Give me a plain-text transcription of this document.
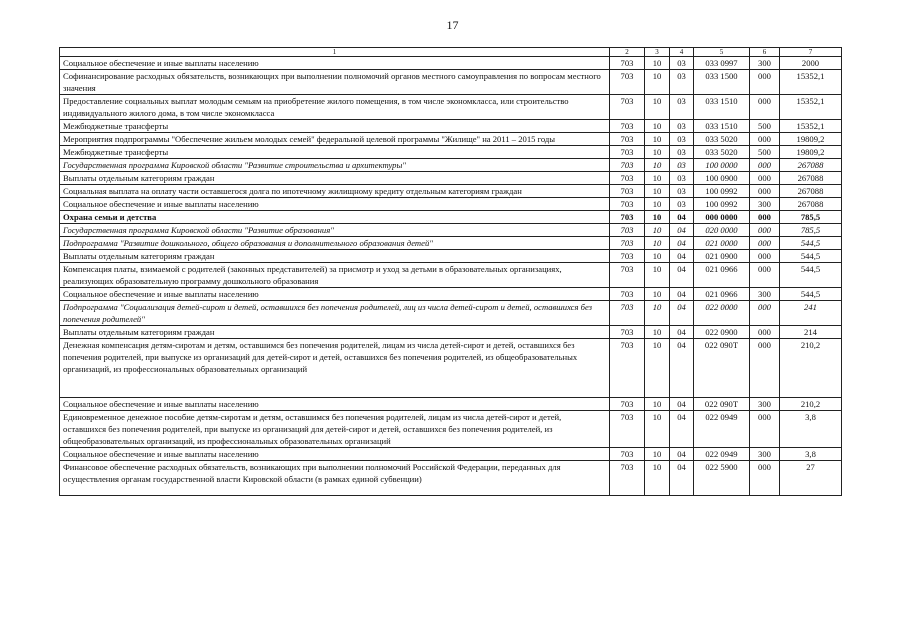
17
1	2	3	4	5	6	7
Социальное обеспечение и иные выплаты населению	703	10	03	033 0997	300	2000
Софинансирование расходных обязательств, возникающих при выполнении полномочий органов местного самоуправления по вопросам местного значения	703	10	03	033 1500	000	15352,1
Предоставление социальных выплат молодым семьям на приобретение жилого помещения, в том числе экономкласса, или строительство индивидуального жилого дома, в том числе экономкласса	703	10	03	033 1510	000	15352,1
Межбюджетные трансферты	703	10	03	033 1510	500	15352,1
Мероприятия подпрограммы "Обеспечение жильем молодых семей" федеральной целевой программы "Жилище" на 2011 – 2015 годы	703	10	03	033 5020	000	19809,2
Межбюджетные трансферты	703	10	03	033 5020	500	19809,2
Государственная программа Кировской области "Развитие строительства и архитектуры"	703	10	03	100 0000	000	267088
Выплаты отдельным категориям граждан	703	10	03	100 0900	000	267088
Социальная выплата на оплату части оставшегося долга по ипотечному жилищному кредиту отдельным категориям граждан	703	10	03	100 0992	000	267088
Социальное обеспечение и иные выплаты населению	703	10	03	100 0992	300	267088
Охрана семьи и детства	703	10	04	000 0000	000	785,5
Государственная программа Кировской области "Развитие образования"	703	10	04	020 0000	000	785,5
Подпрограмма "Развитие дошкольного, общего образования и дополнительного образования детей"	703	10	04	021 0000	000	544,5
Выплаты отдельным категориям граждан	703	10	04	021 0900	000	544,5
Компенсация платы, взимаемой с родителей (законных представителей) за присмотр и уход за детьми в образовательных организациях, реализующих образовательную программу дошкольного образования	703	10	04	021 0966	000	544,5
Социальное обеспечение и иные выплаты населению	703	10	04	021 0966	300	544,5
Подпрограмма "Социализация детей-сирот и детей, оставшихся без попечения родителей, лиц из числа детей-сирот и детей, оставшихся без попечения родителей"	703	10	04	022 0000	000	241
Выплаты отдельным категориям граждан	703	10	04	022 0900	000	214
Денежная компенсация детям-сиротам и детям, оставшимся без попечения родителей, лицам из числа детей-сирот и детей, оставшихся без попечения родителей, при выпуске из организаций для детей-сирот и детей, оставшихся без попечения родителей, из общеобразовательных организаций, из профессиональных образовательных организаций	703	10	04	022 090Т	000	210,2
Социальное обеспечение и иные выплаты населению	703	10	04	022 090Т	300	210,2
Единовременное денежное пособие детям-сиротам и детям, оставшимся без попечения родителей, лицам из числа детей-сирот и детей, оставшихся без попечения родителей, при выпуске из организаций для детей-сирот и детей, оставшихся без попечения родителей, из общеобразовательных организаций, из профессиональных образовательных организаций	703	10	04	022 0949	000	3,8
Социальное обеспечение и иные выплаты населению	703	10	04	022 0949	300	3,8
Финансовое обеспечение расходных обязательств, возникающих при выполнении полномочий Российской Федерации, переданных для осуществления органам государственной власти Кировской области (в рамках единой субвенции)	703	10	04	022 5900	000	27
